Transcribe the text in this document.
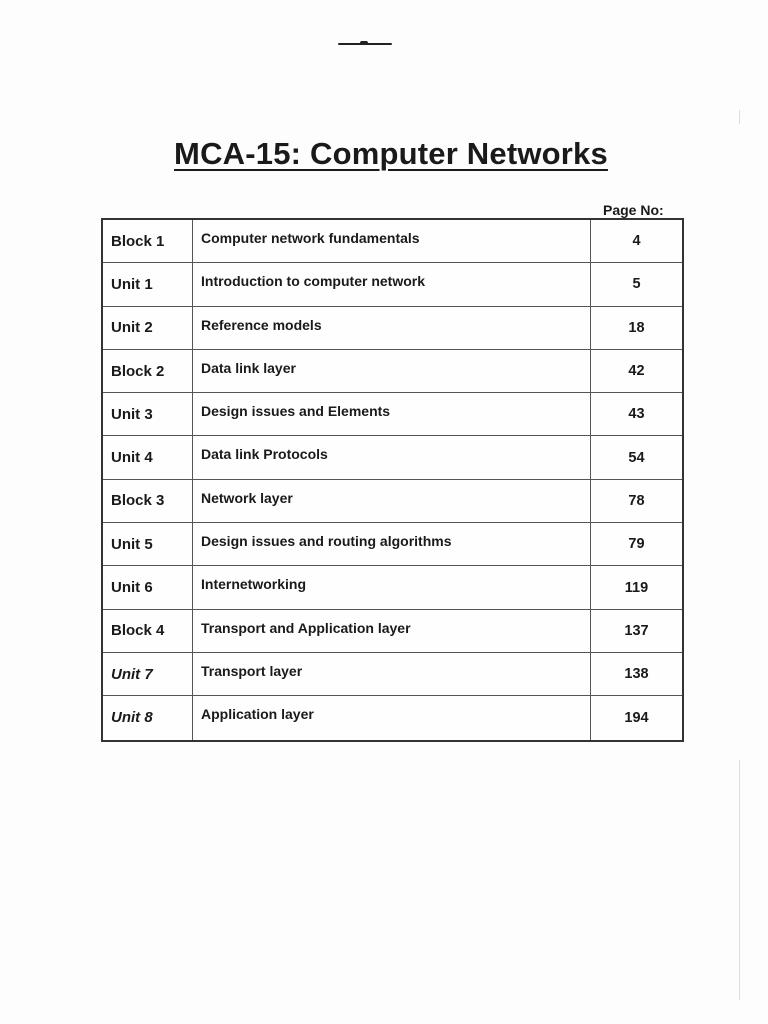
MCA-15: Computer Networks
Page No:
Block 1	Computer network fundamentals	4
Unit 1	Introduction to computer network	5
Unit 2	Reference models	18
Block 2	Data link layer	42
Unit 3	Design issues and Elements	43
Unit 4	Data link Protocols	54
Block 3	Network layer	78
Unit 5	Design issues and routing algorithms	79
Unit 6	Internetworking	119
Block 4	Transport and Application layer	137
Unit 7	Transport layer	138
Unit 8	Application layer	194
